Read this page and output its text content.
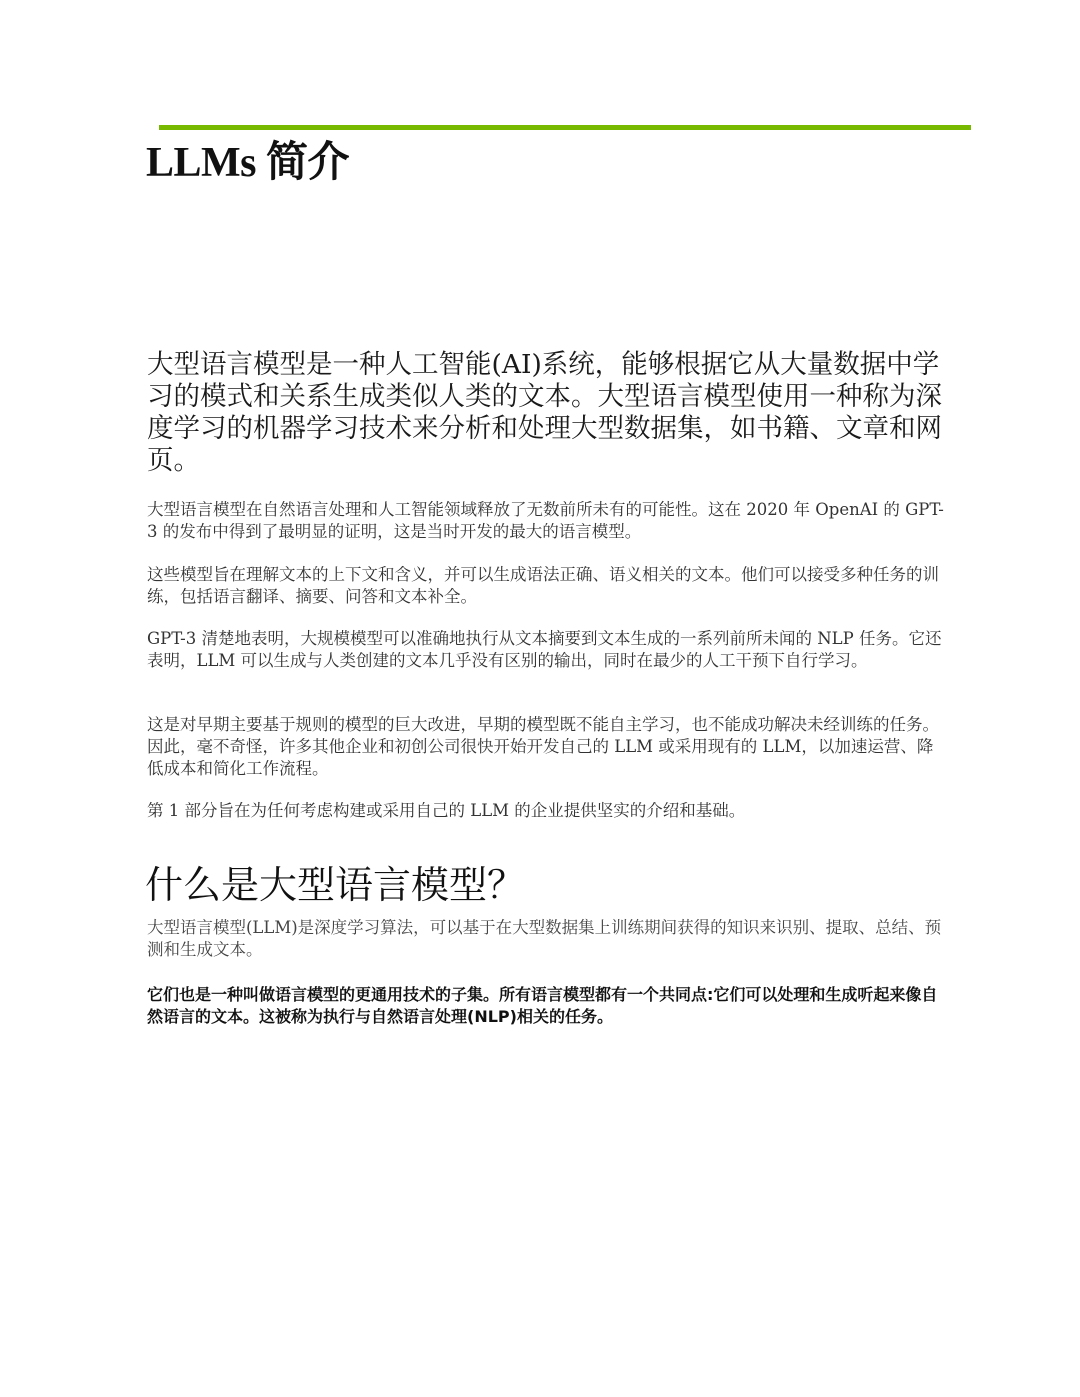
LLMs 简介

大型语言模型是一种人工智能(AI)系统，能够根据它从大量数据中学习的模式和关系生成类似人类的文本。大型语言模型使用一种称为深度学习的机器学习技术来分析和处理大型数据集，如书籍、文章和网页。

大型语言模型在自然语言处理和人工智能领域释放了无数前所未有的可能性。这在 2020 年 OpenAI 的 GPT-3 的发布中得到了最明显的证明，这是当时开发的最大的语言模型。

这些模型旨在理解文本的上下文和含义，并可以生成语法正确、语义相关的文本。他们可以接受多种任务的训练，包括语言翻译、摘要、问答和文本补全。

GPT-3 清楚地表明，大规模模型可以准确地执行从文本摘要到文本生成的一系列前所未闻的 NLP 任务。它还表明，LLM 可以生成与人类创建的文本几乎没有区别的输出，同时在最少的人工干预下自行学习。

这是对早期主要基于规则的模型的巨大改进，早期的模型既不能自主学习，也不能成功解决未经训练的任务。因此，毫不奇怪，许多其他企业和初创公司很快开始开发自己的 LLM 或采用现有的 LLM，以加速运营、降低成本和简化工作流程。

第 1 部分旨在为任何考虑构建或采用自己的 LLM 的企业提供坚实的介绍和基础。

什么是大型语言模型？

大型语言模型(LLM)是深度学习算法，可以基于在大型数据集上训练期间获得的知识来识别、提取、总结、预测和生成文本。

它们也是一种叫做语言模型的更通用技术的子集。所有语言模型都有一个共同点:它们可以处理和生成听起来像自然语言的文本。这被称为执行与自然语言处理(NLP)相关的任务。
